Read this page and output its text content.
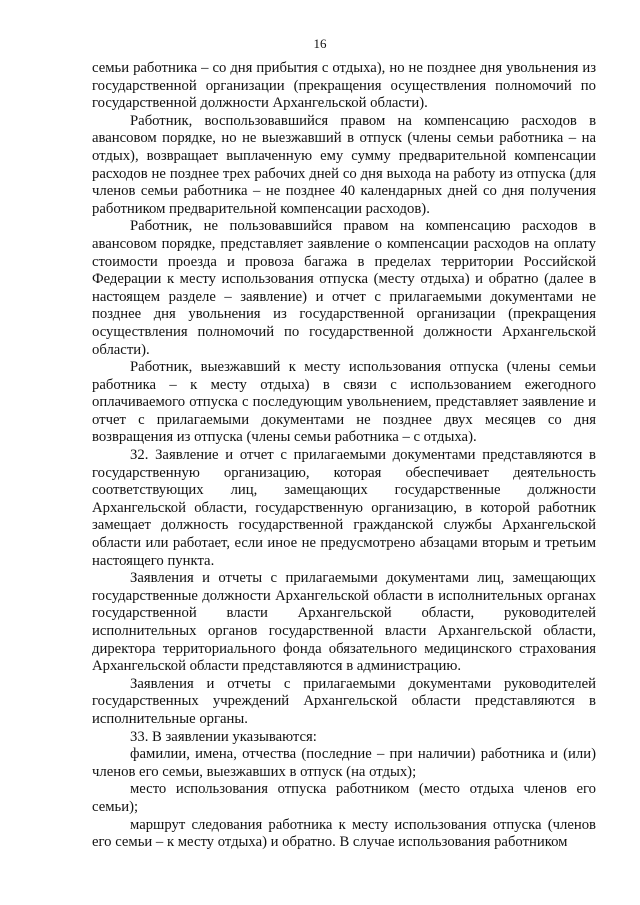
16

семьи работника – со дня прибытия с отдыха), но не позднее дня увольнения из государственной организации (прекращения осуществления полномочий по государственной должности Архангельской области).

Работник, воспользовавшийся правом на компенсацию расходов в авансовом порядке, но не выезжавший в отпуск (члены семьи работника – на отдых), возвращает выплаченную ему сумму предварительной компенсации расходов не позднее трех рабочих дней со дня выхода на работу из отпуска (для членов семьи работника – не позднее 40 календарных дней со дня получения работником предварительной компенсации расходов).

Работник, не пользовавшийся правом на компенсацию расходов в авансовом порядке, представляет заявление о компенсации расходов на оплату стоимости проезда и провоза багажа в пределах территории Российской Федерации к месту использования отпуска (месту отдыха) и обратно (далее в настоящем разделе – заявление) и отчет с прилагаемыми документами не позднее дня увольнения из государственной организации (прекращения осуществления полномочий по государственной должности Архангельской области).

Работник, выезжавший к месту использования отпуска (члены семьи работника – к месту отдыха) в связи с использованием ежегодного оплачиваемого отпуска с последующим увольнением, представляет заявление и отчет с прилагаемыми документами не позднее двух месяцев со дня возвращения из отпуска (члены семьи работника – с отдыха).

32. Заявление и отчет с прилагаемыми документами представляются в государственную организацию, которая обеспечивает деятельность соответствующих лиц, замещающих государственные должности Архангельской области, государственную организацию, в которой работник замещает должность государственной гражданской службы Архангельской области или работает, если иное не предусмотрено абзацами вторым и третьим настоящего пункта.

Заявления и отчеты с прилагаемыми документами лиц, замещающих государственные должности Архангельской области в исполнительных органах государственной власти Архангельской области, руководителей исполнительных органов государственной власти Архангельской области, директора территориального фонда обязательного медицинского страхования Архангельской области представляются в администрацию.

Заявления и отчеты с прилагаемыми документами руководителей государственных учреждений Архангельской области представляются в исполнительные органы.

33. В заявлении указываются:

фамилии, имена, отчества (последние – при наличии) работника и (или) членов его семьи, выезжавших в отпуск (на отдых);

место использования отпуска работником (место отдыха членов его семьи);

маршрут следования работника к месту использования отпуска (членов его семьи – к месту отдыха) и обратно. В случае использования работником
